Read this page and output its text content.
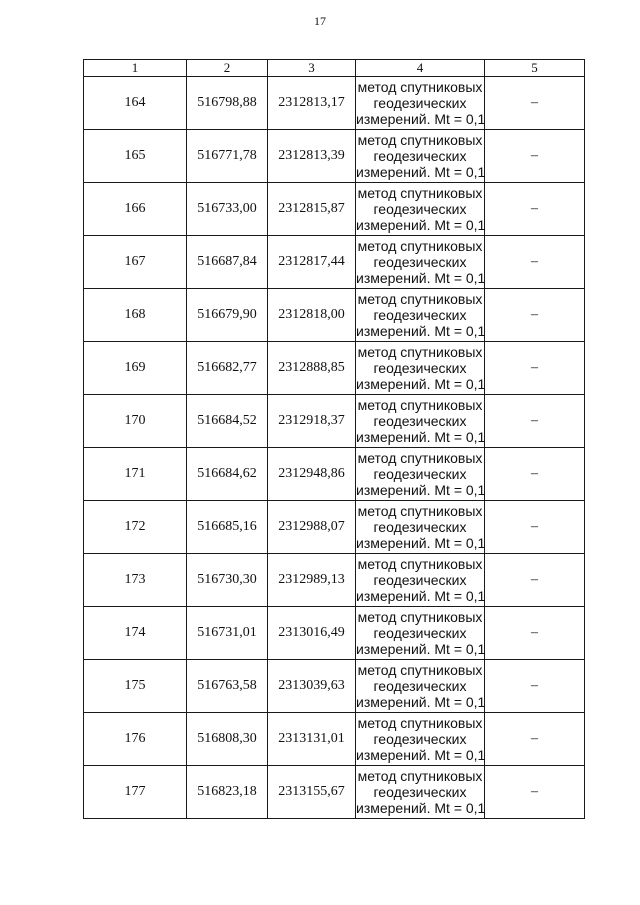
17
1	2	3	4	5
164	516798,88	2312813,17	метод спутниковых
геодезических
измерений. Mt = 0,1	–
165	516771,78	2312813,39	метод спутниковых
геодезических
измерений. Mt = 0,1	–
166	516733,00	2312815,87	метод спутниковых
геодезических
измерений. Mt = 0,1	–
167	516687,84	2312817,44	метод спутниковых
геодезических
измерений. Mt = 0,1	–
168	516679,90	2312818,00	метод спутниковых
геодезических
измерений. Mt = 0,1	–
169	516682,77	2312888,85	метод спутниковых
геодезических
измерений. Mt = 0,1	–
170	516684,52	2312918,37	метод спутниковых
геодезических
измерений. Mt = 0,1	–
171	516684,62	2312948,86	метод спутниковых
геодезических
измерений. Mt = 0,1	–
172	516685,16	2312988,07	метод спутниковых
геодезических
измерений. Mt = 0,1	–
173	516730,30	2312989,13	метод спутниковых
геодезических
измерений. Mt = 0,1	–
174	516731,01	2313016,49	метод спутниковых
геодезических
измерений. Mt = 0,1	–
175	516763,58	2313039,63	метод спутниковых
геодезических
измерений. Mt = 0,1	–
176	516808,30	2313131,01	метод спутниковых
геодезических
измерений. Mt = 0,1	–
177	516823,18	2313155,67	метод спутниковых
геодезических
измерений. Mt = 0,1	–
